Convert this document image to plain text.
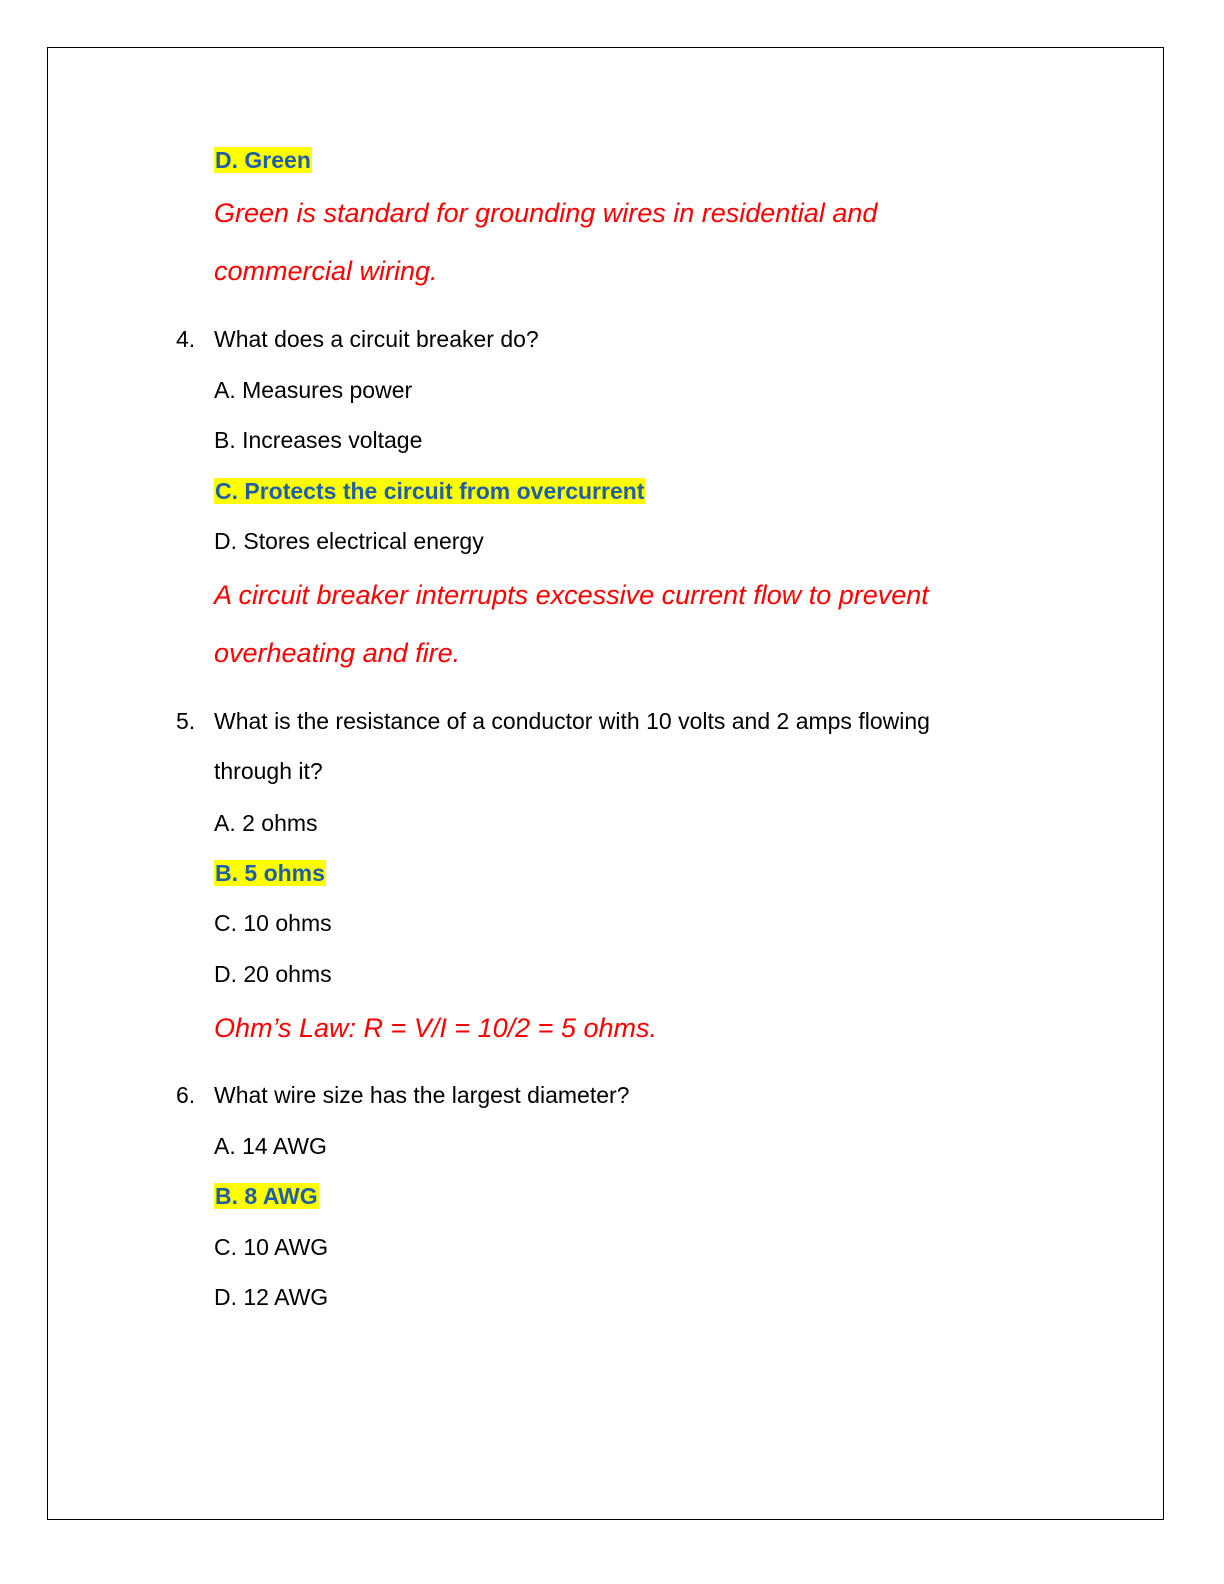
D. Green
Green is standard for grounding wires in residential and
commercial wiring.
4. What does a circuit breaker do?
A. Measures power
B. Increases voltage
C. Protects the circuit from overcurrent
D. Stores electrical energy
A circuit breaker interrupts excessive current flow to prevent
overheating and fire.
5. What is the resistance of a conductor with 10 volts and 2 amps flowing
through it?
A. 2 ohms
B. 5 ohms
C. 10 ohms
D. 20 ohms
Ohm’s Law: R = V/I = 10/2 = 5 ohms.
6. What wire size has the largest diameter?
A. 14 AWG
B. 8 AWG
C. 10 AWG
D. 12 AWG
